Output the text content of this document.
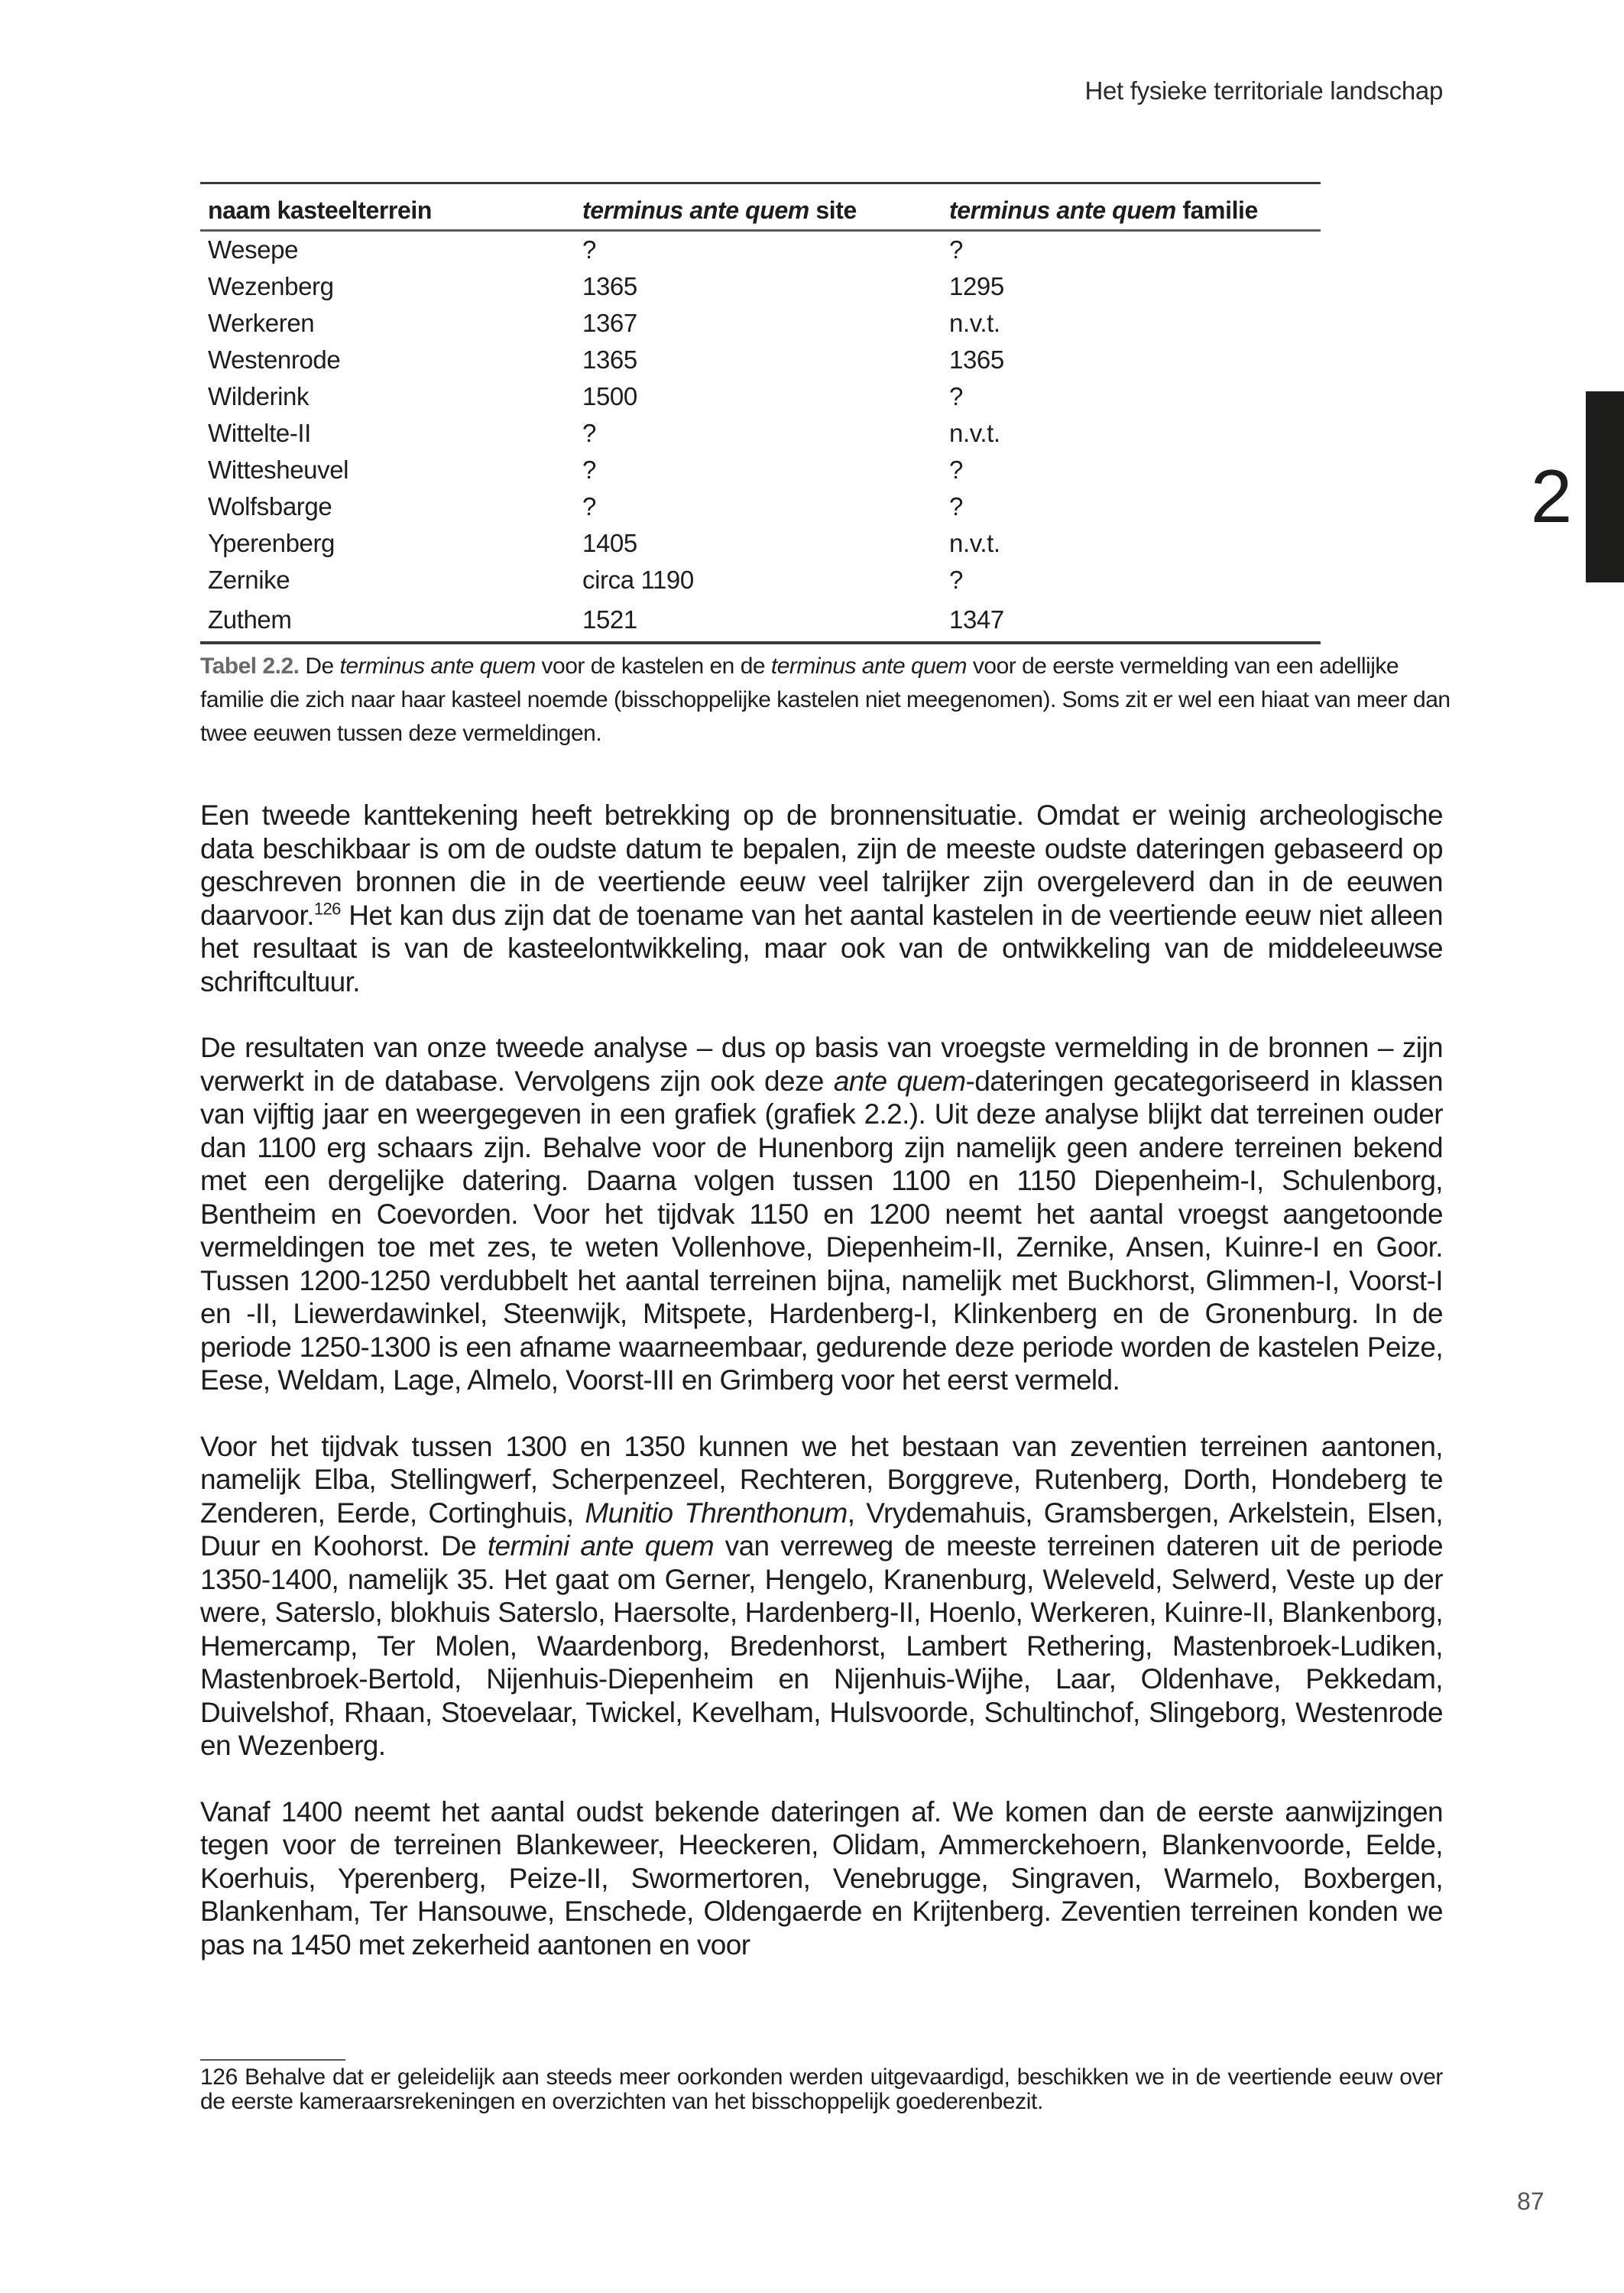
Het fysieke territoriale landschap
2
naam kasteelterrein	terminus ante quem site	terminus ante quem familie
Wesepe	?	?
Wezenberg	1365	1295
Werkeren	1367	n.v.t.
Westenrode	1365	1365
Wilderink	1500	?
Wittelte-II	?	n.v.t.
Wittesheuvel	?	?
Wolfsbarge	?	?
Yperenberg	1405	n.v.t.
Zernike	circa 1190	?
Zuthem	1521	1347
Tabel 2.2. De terminus ante quem voor de kastelen en de terminus ante quem voor de eerste vermelding van een adellijke familie die zich naar haar kasteel noemde (bisschoppelijke kastelen niet meegenomen). Soms zit er wel een hiaat van meer dan twee eeuwen tussen deze vermeldingen.

Een tweede kanttekening heeft betrekking op de bronnensituatie. Omdat er weinig archeologische data beschikbaar is om de oudste datum te bepalen, zijn de meeste oudste dateringen gebaseerd op geschreven bronnen die in de veertiende eeuw veel talrijker zijn overgeleverd dan in de eeuwen daarvoor.$^{126}$ Het kan dus zijn dat de toename van het aantal kastelen in de veertiende eeuw niet alleen het resultaat is van de kasteelontwikkeling, maar ook van de ontwikkeling van de middeleeuwse schriftcultuur.

De resultaten van onze tweede analyse – dus op basis van vroegste vermelding in de bronnen – zijn verwerkt in de database. Vervolgens zijn ook deze ante quem-dateringen gecategoriseerd in klassen van vijftig jaar en weergegeven in een grafiek (grafiek 2.2.). Uit deze analyse blijkt dat terreinen ouder dan 1100 erg schaars zijn. Behalve voor de Hunenborg zijn namelijk geen andere terreinen bekend met een dergelijke datering. Daarna volgen tussen 1100 en 1150 Diepenheim-I, Schulenborg, Bentheim en Coevorden. Voor het tijdvak 1150 en 1200 neemt het aantal vroegst aangetoonde vermeldingen toe met zes, te weten Vollenhove, Diepenheim-II, Zernike, Ansen, Kuinre-I en Goor. Tussen 1200-1250 verdubbelt het aantal terreinen bijna, namelijk met Buckhorst, Glimmen-I, Voorst-I en -II, Liewerdawinkel, Steenwijk, Mitspete, Hardenberg-I, Klinkenberg en de Gronenburg. In de periode 1250-1300 is een afname waarneembaar, gedurende deze periode worden de kastelen Peize, Eese, Weldam, Lage, Almelo, Voorst-III en Grimberg voor het eerst vermeld.

Voor het tijdvak tussen 1300 en 1350 kunnen we het bestaan van zeventien terreinen aantonen, namelijk Elba, Stellingwerf, Scherpenzeel, Rechteren, Borggreve, Rutenberg, Dorth, Hondeberg te Zenderen, Eerde, Cortinghuis, Munitio Threnthonum, Vrydemahuis, Gramsbergen, Arkelstein, Elsen, Duur en Koohorst. De termini ante quem van verreweg de meeste terreinen dateren uit de periode 1350-1400, namelijk 35. Het gaat om Gerner, Hengelo, Kranenburg, Weleveld, Selwerd, Veste up der were, Saterslo, blokhuis Saterslo, Haersolte, Hardenberg-II, Hoenlo, Werkeren, Kuinre-II, Blankenborg, Hemercamp, Ter Molen, Waardenborg, Bredenhorst, Lambert Rethering, Mastenbroek-Ludiken, Mastenbroek-Bertold, Nijenhuis-Diepenheim en Nijenhuis-Wijhe, Laar, Oldenhave, Pekkedam, Duivelshof, Rhaan, Stoevelaar, Twickel, Kevelham, Hulsvoorde, Schultinchof, Slingeborg, Westenrode en Wezenberg.

Vanaf 1400 neemt het aantal oudst bekende dateringen af. We komen dan de eerste aanwijzingen tegen voor de terreinen Blankeweer, Heeckeren, Olidam, Ammerckehoern, Blankenvoorde, Eelde, Koerhuis, Yperenberg, Peize-II, Swormertoren, Venebrugge, Singraven, Warmelo, Boxbergen, Blankenham, Ter Hansouwe, Enschede, Oldengaerde en Krijtenberg. Zeventien terreinen konden we pas na 1450 met zekerheid aantonen en voor

126 Behalve dat er geleidelijk aan steeds meer oorkonden werden uitgevaardigd, beschikken we in de veertiende eeuw over de eerste kameraarsrekeningen en overzichten van het bisschoppelijk goederenbezit.
87
